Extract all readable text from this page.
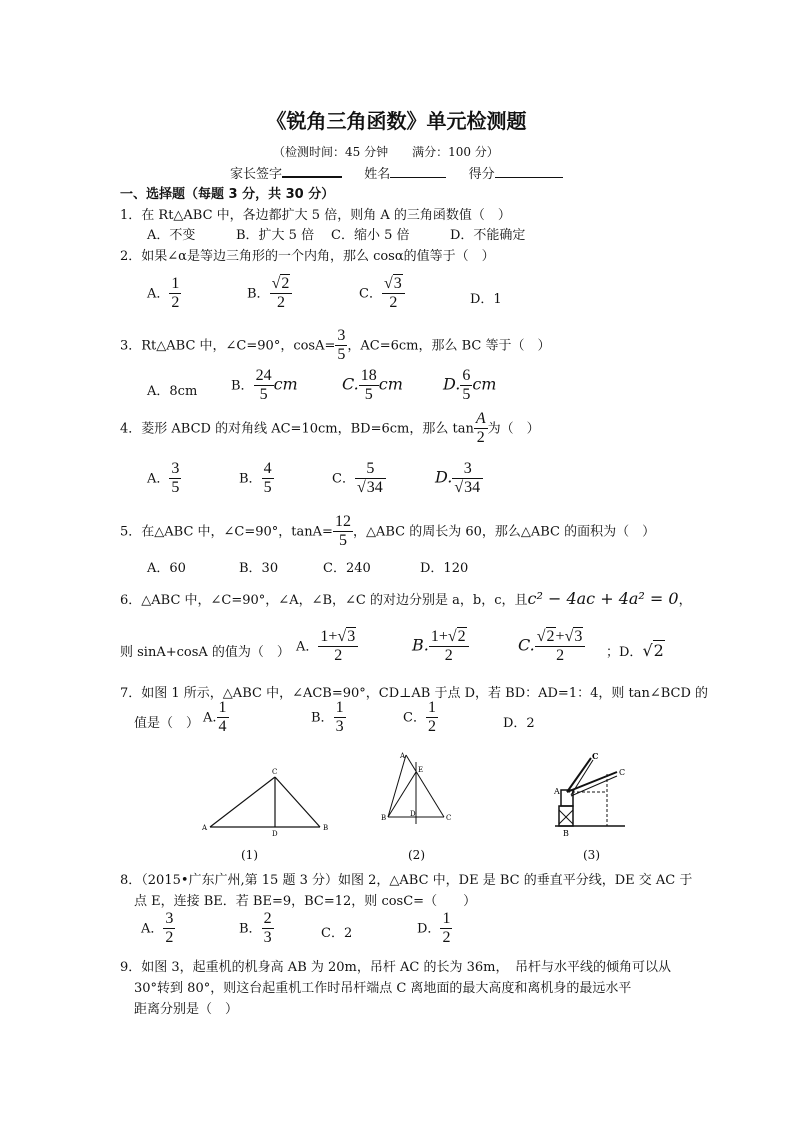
《锐角三角函数》单元检测题
（检测时间：45 分钟　　满分：100 分）
家长签字	姓名	得分
一、选择题（每题 3 分，共 30 分）
1．在 Rt△ABC 中，各边都扩大 5 倍，则角 A 的三角函数值（　）
A．不变	B．扩大 5 倍 C．缩小 5 倍	D．不能确定
2．如果∠α是等边三角形的一个内角，那么 cosα的值等于（　）
A． $\frac{1}{2}$	B． $\frac{√2}{2}$	C． $\frac{√3}{2}$	D．1
3．Rt△ABC 中，∠C=90°，$\cos A= \frac{3}{5}$ ，AC=6cm，那么 BC 等于（　）
A．8cm	B． $\frac{24}{5}$ cm	C. $\frac{18}{5}$ cm	D. $\frac{6}{5}$ cm
4．菱形 ABCD 的对角线 AC=10cm，BD=6cm，那么 $\tan \frac{A}{2}$ 为（　）
A． $\frac{3}{5}$	B． $\frac{4}{5}$	C． $\frac{5}{√34}$	D. $\frac{3}{√34}$
5．在△ABC 中，∠C=90°，$\tan A= \frac{12}{5}$ ，△ABC 的周长为 60，那么△ABC 的面积为（　）
A．60	B．30	C．240	D．120
6．△ABC 中，∠C=90°，∠A，∠B，∠C 的对边分别是 a，b，c，且c² − 4ac + 4a² = 0，
则 sinA+cosA 的值为（　） A． $\frac{1+√3}{2}$	B. $\frac{1+√2}{2}$	C. $\frac{√2+√3}{2}$ ；D．√2
7．如图 1 所示，△ABC 中，∠ACB=90°，CD⊥AB 于点 D，若 BD：AD=1：4，则 tan∠BCD 的
值是（　） A. $\frac{1}{4}$	B． $\frac{1}{3}$	C． $\frac{1}{2}$	D．2
A	B
C
D
(1)
A
B	C
D
E
(2)
C
C
A
B
(3)
8．（2015•广东广州,第 15 题 3 分）如图 2，△ABC 中，DE 是 BC 的垂直平分线，DE 交 AC 于
点 E，连接 BE．若 BE=9，BC=12，则 cosC=（　　）
A． $\frac{3}{2}$	B． $\frac{2}{3}$	C．2	D． $\frac{1}{2}$
9．如图 3，起重机的机身高 AB 为 20m，吊杆 AC 的长为 36m，　吊杆与水平线的倾角可以从
30°转到 80°，则这台起重机工作时吊杆端点 C 离地面的最大高度和离机身的最远水平
距离分别是（　）
